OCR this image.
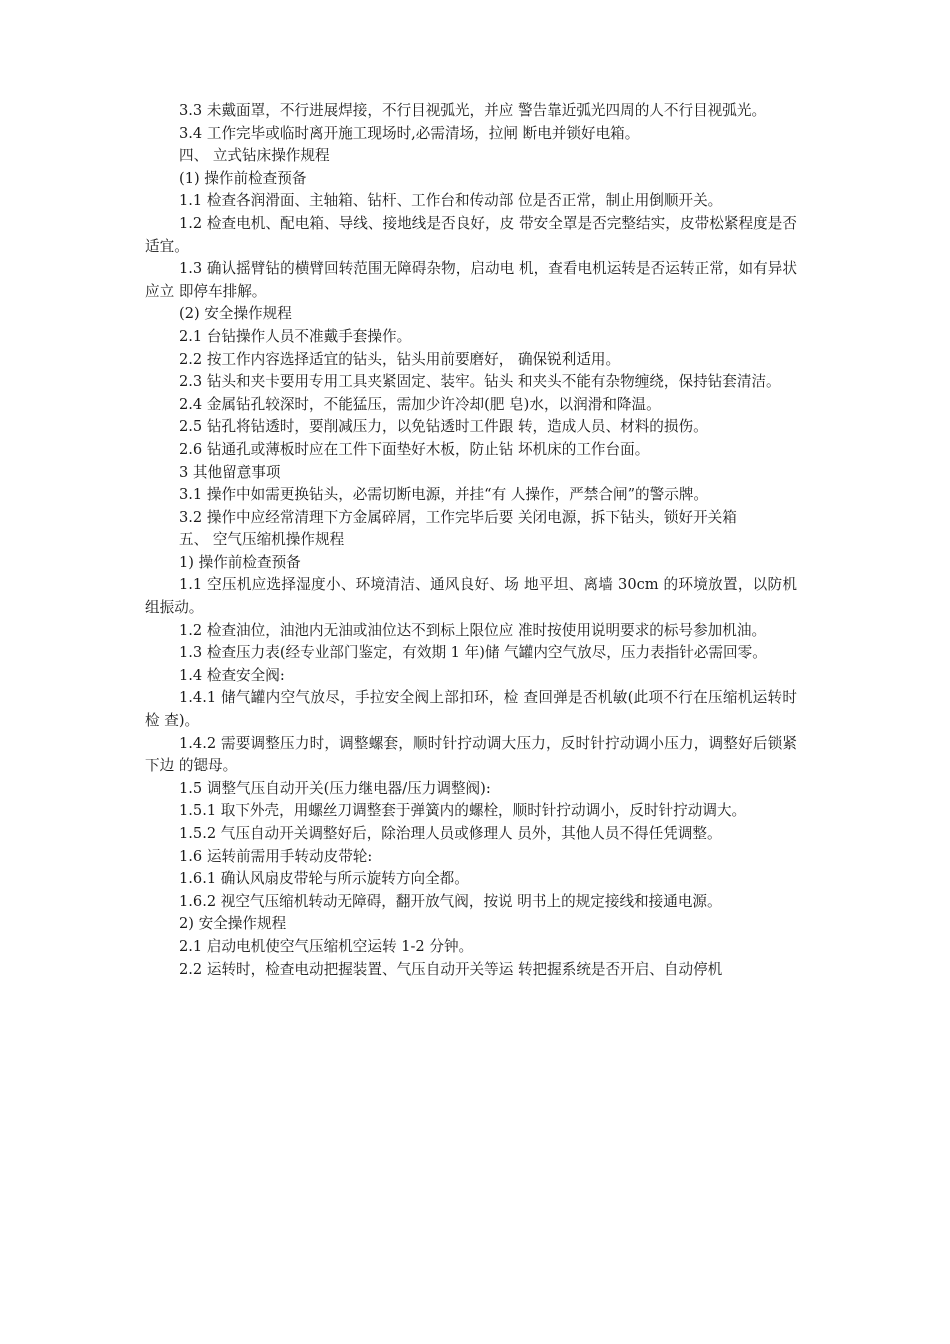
3.3 未戴面罩，不行进展焊接，不行目视弧光，并应 警告靠近弧光四周的人不行目视弧光。

3.4 工作完毕或临时离开施工现场时,必需清场，拉闸 断电并锁好电箱。

四、 立式钻床操作规程

(1) 操作前检查预备

1.1 检查各润滑面、主轴箱、钻杆、工作台和传动部 位是否正常，制止用倒顺开关。

1.2 检查电机、配电箱、导线、接地线是否良好，皮 带安全罩是否完整结实，皮带松紧程度是否适宜。

1.3 确认摇臂钻的横臂回转范围无障碍杂物，启动电 机，查看电机运转是否运转正常，如有异状应立 即停车排解。

(2) 安全操作规程

2.1 台钻操作人员不准戴手套操作。

2.2 按工作内容选择适宜的钻头，钻头用前要磨好， 确保锐利适用。

2.3 钻头和夹卡要用专用工具夹紧固定、装牢。钻头 和夹头不能有杂物缠绕，保持钻套清洁。

2.4 金属钻孔较深时，不能猛压，需加少许冷却(肥 皂)水，以润滑和降温。

2.5 钻孔将钻透时，要削减压力，以免钻透时工件跟 转，造成人员、材料的损伤。

2.6 钻通孔或薄板时应在工件下面垫好木板，防止钻 坏机床的工作台面。

3 其他留意事项

3.1 操作中如需更换钻头，必需切断电源，并挂“有 人操作，严禁合闸”的警示牌。

3.2 操作中应经常清理下方金属碎屑，工作完毕后要 关闭电源，拆下钻头，锁好开关箱

五、 空气压缩机操作规程

1) 操作前检查预备

1.1 空压机应选择湿度小、环境清洁、通风良好、场 地平坦、离墙 30cm 的环境放置，以防机组振动。

1.2 检查油位，油池内无油或油位达不到标上限位应 准时按使用说明要求的标号参加机油。

1.3 检查压力表(经专业部门鉴定，有效期 1 年)储 气罐内空气放尽，压力表指针必需回零。

1.4 检查安全阀:

1.4.1 储气罐内空气放尽，手拉安全阀上部扣环，检 查回弹是否机敏(此项不行在压缩机运转时检 查)。

1.4.2 需要调整压力时，调整螺套，顺时针拧动调大压力，反时针拧动调小压力，调整好后锁紧下边 的锶母。

1.5 调整气压自动开关(压力继电器/压力调整阀):

1.5.1 取下外壳，用螺丝刀调整套于弹簧内的螺栓，顺时针拧动调小，反时针拧动调大。

1.5.2 气压自动开关调整好后，除治理人员或修理人 员外，其他人员不得任凭调整。

1.6 运转前需用手转动皮带轮:

1.6.1 确认风扇皮带轮与所示旋转方向全都。

1.6.2 视空气压缩机转动无障碍，翻开放气阀，按说 明书上的规定接线和接通电源。

2) 安全操作规程

2.1 启动电机使空气压缩机空运转 1-2 分钟。

2.2 运转时，检查电动把握装置、气压自动开关等运 转把握系统是否开启、自动停机
